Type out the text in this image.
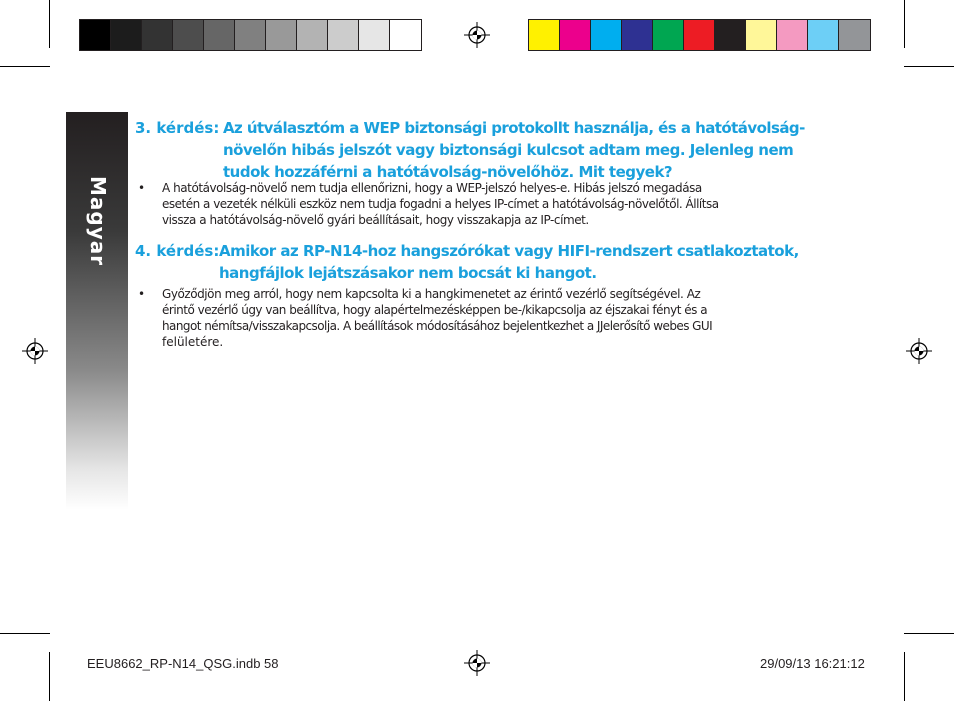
Magyar
3. kérdés: Az útválasztóm a WEP biztonsági protokollt használja, és a hatótávolság-
növelőn hibás jelszót vagy biztonsági kulcsot adtam meg. Jelenleg nem
tudok hozzáférni a hatótávolság-növelőhöz. Mit tegyek?
• A hatótávolság-növelő nem tudja ellenőrizni, hogy a WEP-jelszó helyes-e. Hibás jelszó megadása
esetén a vezeték nélküli eszköz nem tudja fogadni a helyes IP-címet a hatótávolság-növelőtől. Állítsa
vissza a hatótávolság-növelő gyári beállításait, hogy visszakapja az IP-címet.
4. kérdés: Amikor az RP-N14-hoz hangszórókat vagy HIFI-rendszert csatlakoztatok,
hangfájlok lejátszásakor nem bocsát ki hangot.
• Győződjön meg arról, hogy nem kapcsolta ki a hangkimenetet az érintő vezérlő segítségével. Az
érintő vezérlő úgy van beállítva, hogy alapértelmezésképpen be-/kikapcsolja az éjszakai fényt és a
hangot némítsa/visszakapcsolja. A beállítások módosításához bejelentkezhet a JJelerősítő webes GUI
felületére.
EEU8662_RP-N14_QSG.indb 58	29/09/13 16:21:12
